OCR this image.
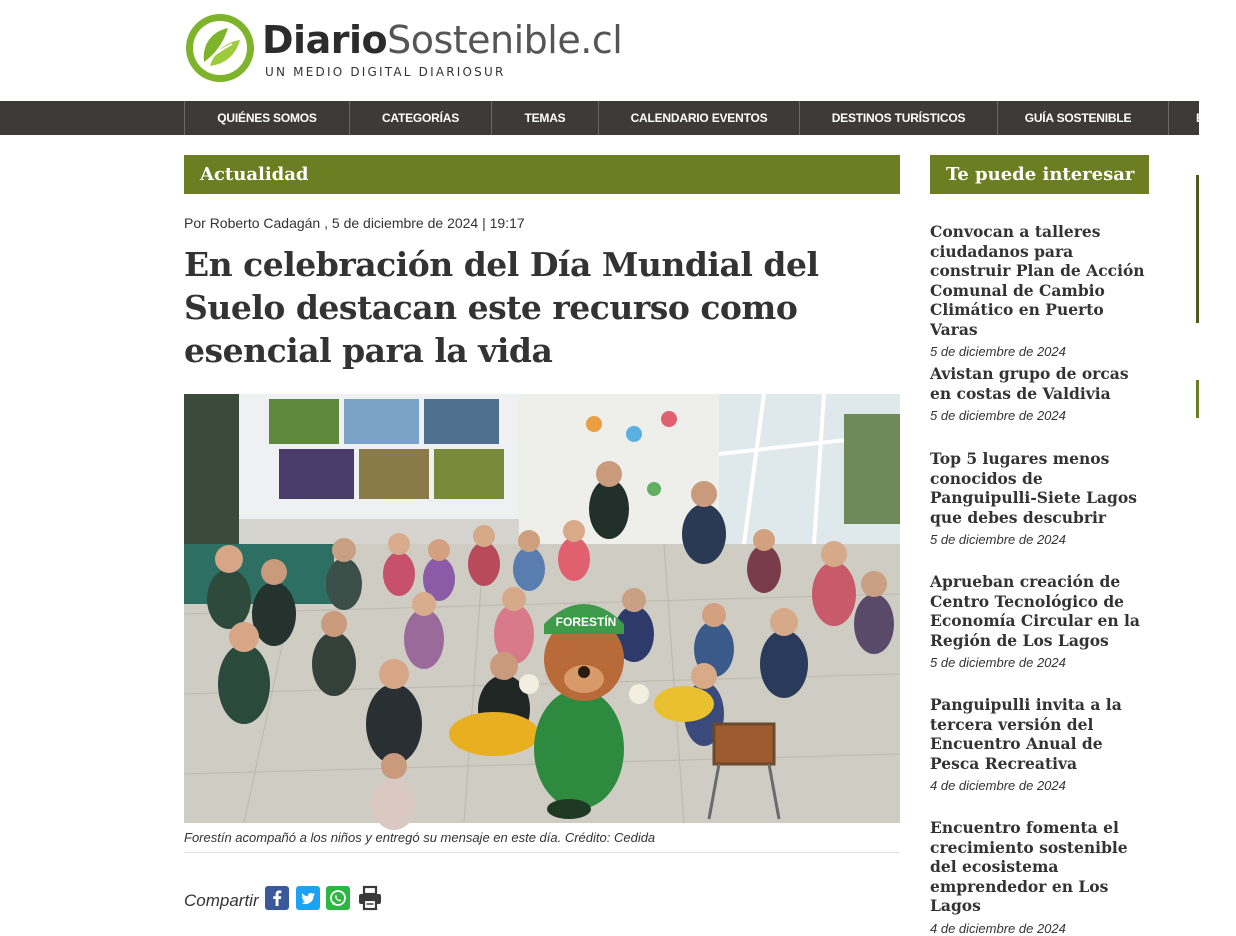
DiarioSostenible.cl
UN MEDIO DIGITAL DIARIOSUR
QUIÉNES SOMOS	CATEGORÍAS	TEMAS	CALENDARIO EVENTOS	DESTINOS TURÍSTICOS	GUÍA SOSTENIBLE	B
Actualidad
Por Roberto Cadagán , 5 de diciembre de 2024 | 19:17
En celebración del Día Mundial del Suelo destacan este recurso como esencial para la vida
FORESTÍN
Forestín acompañó a los niños y entregó su mensaje en este día. Crédito: Cedida
Compartir
Te puede interesar
Convocan a talleres ciudadanos para construir Plan de Acción Comunal de Cambio Climático en Puerto Varas
5 de diciembre de 2024
Avistan grupo de orcas en costas de Valdivia
5 de diciembre de 2024
Top 5 lugares menos conocidos de Panguipulli-Siete Lagos que debes descubrir
5 de diciembre de 2024
Aprueban creación de Centro Tecnológico de Economía Circular en la Región de Los Lagos
5 de diciembre de 2024
Panguipulli invita a la tercera versión del Encuentro Anual de Pesca Recreativa
4 de diciembre de 2024
Encuentro fomenta el crecimiento sostenible del ecosistema emprendedor en Los Lagos
4 de diciembre de 2024
